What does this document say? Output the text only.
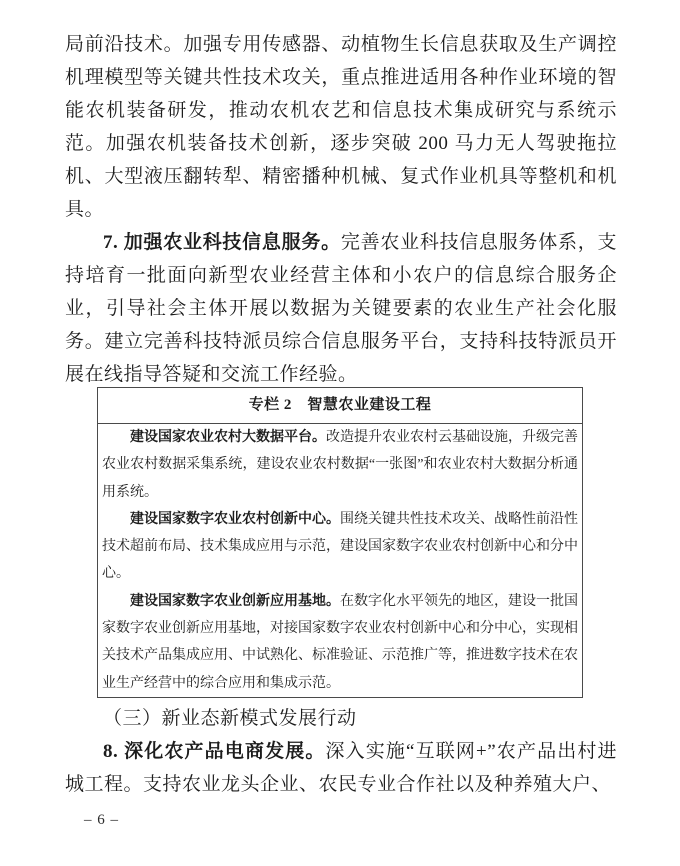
局前沿技术。加强专用传感器、动植物生长信息获取及生产调控机理模型等关键共性技术攻关，重点推进适用各种作业环境的智能农机装备研发，推动农机农艺和信息技术集成研究与系统示范。加强农机装备技术创新，逐步突破 200 马力无人驾驶拖拉机、大型液压翻转犁、精密播种机械、复式作业机具等整机和机具。

7. 加强农业科技信息服务。完善农业科技信息服务体系，支持培育一批面向新型农业经营主体和小农户的信息综合服务企业，引导社会主体开展以数据为关键要素的农业生产社会化服务。建立完善科技特派员综合信息服务平台，支持科技特派员开展在线指导答疑和交流工作经验。

专栏 2　智慧农业建设工程

建设国家农业农村大数据平台。改造提升农业农村云基础设施，升级完善农业农村数据采集系统，建设农业农村数据“一张图”和农业农村大数据分析通用系统。

建设国家数字农业农村创新中心。围绕关键共性技术攻关、战略性前沿性技术超前布局、技术集成应用与示范，建设国家数字农业农村创新中心和分中心。

建设国家数字农业创新应用基地。在数字化水平领先的地区，建设一批国家数字农业创新应用基地，对接国家数字农业农村创新中心和分中心，实现相关技术产品集成应用、中试熟化、标准验证、示范推广等，推进数字技术在农业生产经营中的综合应用和集成示范。

（三）新业态新模式发展行动

8. 深化农产品电商发展。深入实施“互联网+”农产品出村进城工程。支持农业龙头企业、农民专业合作社以及种养殖大户、

– 6 –
